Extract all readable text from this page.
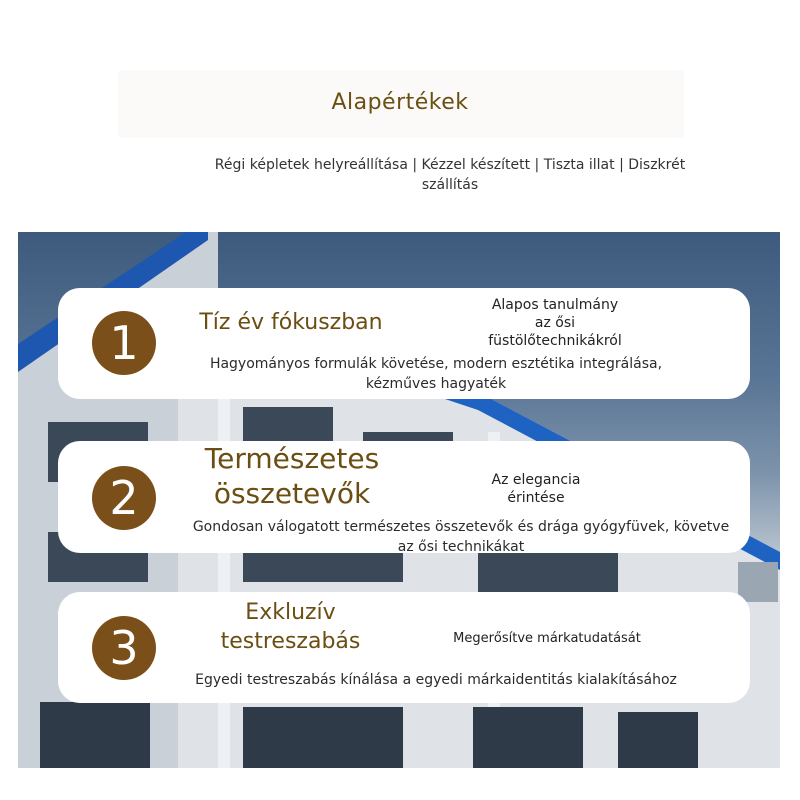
Alapértékek
Régi képletek helyreállítása | Kézzel készített | Tiszta illat | Diszkrét szállítás
1	Tíz év fókuszban
Alapos tanulmány az ősi füstölőtechnikákról
Hagyományos formulák követése, modern esztétika integrálása, kézműves hagyaték
2
Természetes összetevők	Az elegancia érintése
Gondosan válogatott természetes összetevők és drága gyógyfüvek, követve az ősi technikákat
3
Exkluzív testreszabás	Megerősítve márkatudatását
Egyedi testreszabás kínálása a egyedi márkaidentitás kialakításához
